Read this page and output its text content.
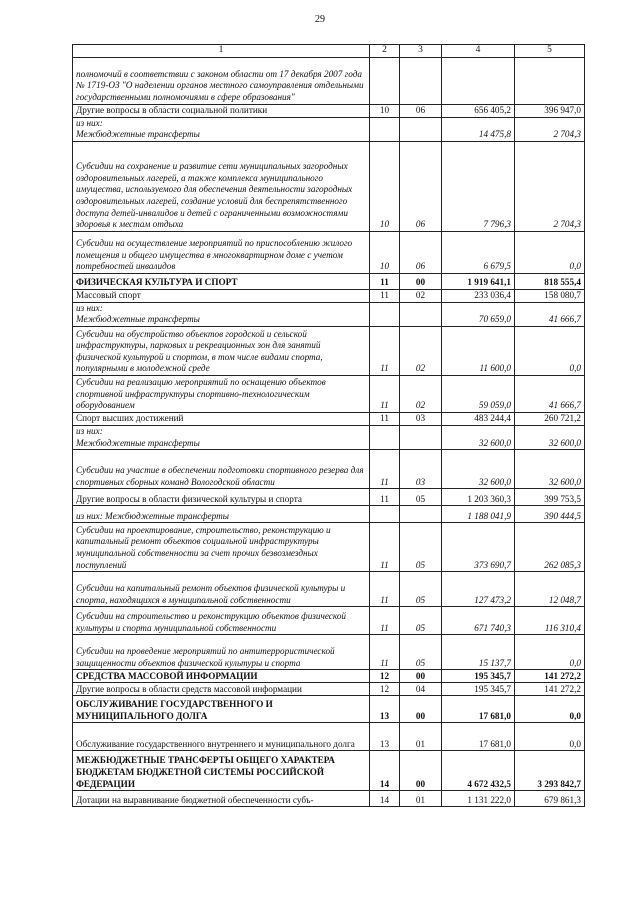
29
1	2	3	4	5
полномочий в соответствии с законом области от 17 декабря 2007 года № 1719-ОЗ "О наделении органов местного самоуправления отдельными государственными полномочиями в сфере образования"				
Другие вопросы в области социальной политики	10	06	656 405,2	396 947,0
из них:
Межбюджетные трансферты			14 475,8	2 704,3
Субсидии на сохранение и развитие сети муниципальных загородных оздоровительных лагерей, а также комплекса муниципального имущества, используемого для обеспечения деятельности загородных оздоровительных лагерей, создание условий для беспрепятственного доступа детей-инвалидов и детей с ограниченными возможностями здоровья к местам отдыха	10	06	7 796,3	2 704,3
Субсидии на осуществление мероприятий по приспособлению жилого помещения и общего имущества в многоквартирном доме с учетом потребностей инвалидов	10	06	6 679,5	0,0
ФИЗИЧЕСКАЯ КУЛЬТУРА И СПОРТ	11	00	1 919 641,1	818 555,4
Массовый спорт	11	02	233 036,4	158 080,7
из них:
Межбюджетные трансферты			70 659,0	41 666,7
Субсидии на обустройство объектов городской и сельской инфраструктуры, парковых и рекреационных зон для занятий физической культурой и спортом, в том числе видами спорта, популярными в молодежной среде	11	02	11 600,0	0,0
Субсидии на реализацию мероприятий по оснащению объектов спортивной инфраструктуры спортивно-технологическим оборудованием	11	02	59 059,0	41 666,7
Спорт высших достижений	11	03	483 244,4	260 721,2
из них:
Межбюджетные трансферты			32 600,0	32 600,0
Субсидии на участие в обеспечении подготовки спортивного резерва для спортивных сборных команд Вологодской области	11	03	32 600,0	32 600,0
Другие вопросы в области физической культуры и спорта	11	05	1 203 360,3	399 753,5
из них: Межбюджетные трансферты			1 188 041,9	390 444,5
Субсидии на проектирование, строительство, реконструкцию и капитальный ремонт объектов социальной инфраструктуры муниципальной собственности за счет прочих безвозмездных поступлений	11	05	373 690,7	262 085,3
Субсидии на капитальный ремонт объектов физической культуры и спорта, находящихся в муниципальной собственности	11	05	127 473,2	12 048,7
Субсидии на строительство и реконструкцию объектов физической культуры и спорта муниципальной собственности	11	05	671 740,3	116 310,4
Субсидии на проведение мероприятий по антитеррористической защищенности объектов физической культуры и спорта	11	05	15 137,7	0,0
СРЕДСТВА МАССОВОЙ ИНФОРМАЦИИ	12	00	195 345,7	141 272,2
Другие вопросы в области средств массовой информации	12	04	195 345,7	141 272,2
ОБСЛУЖИВАНИЕ ГОСУДАРСТВЕННОГО И МУНИЦИПАЛЬНОГО ДОЛГА	13	00	17 681,0	0,0
Обслуживание государственного внутреннего и муниципального долга	13	01	17 681,0	0,0
МЕЖБЮДЖЕТНЫЕ ТРАНСФЕРТЫ ОБЩЕГО ХАРАКТЕРА БЮДЖЕТАМ БЮДЖЕТНОЙ СИСТЕМЫ РОССИЙСКОЙ ФЕДЕРАЦИИ	14	00	4 672 432,5	3 293 842,7
Дотации на выравнивание бюджетной обеспеченности субъ-	14	01	1 131 222,0	679 861,3
